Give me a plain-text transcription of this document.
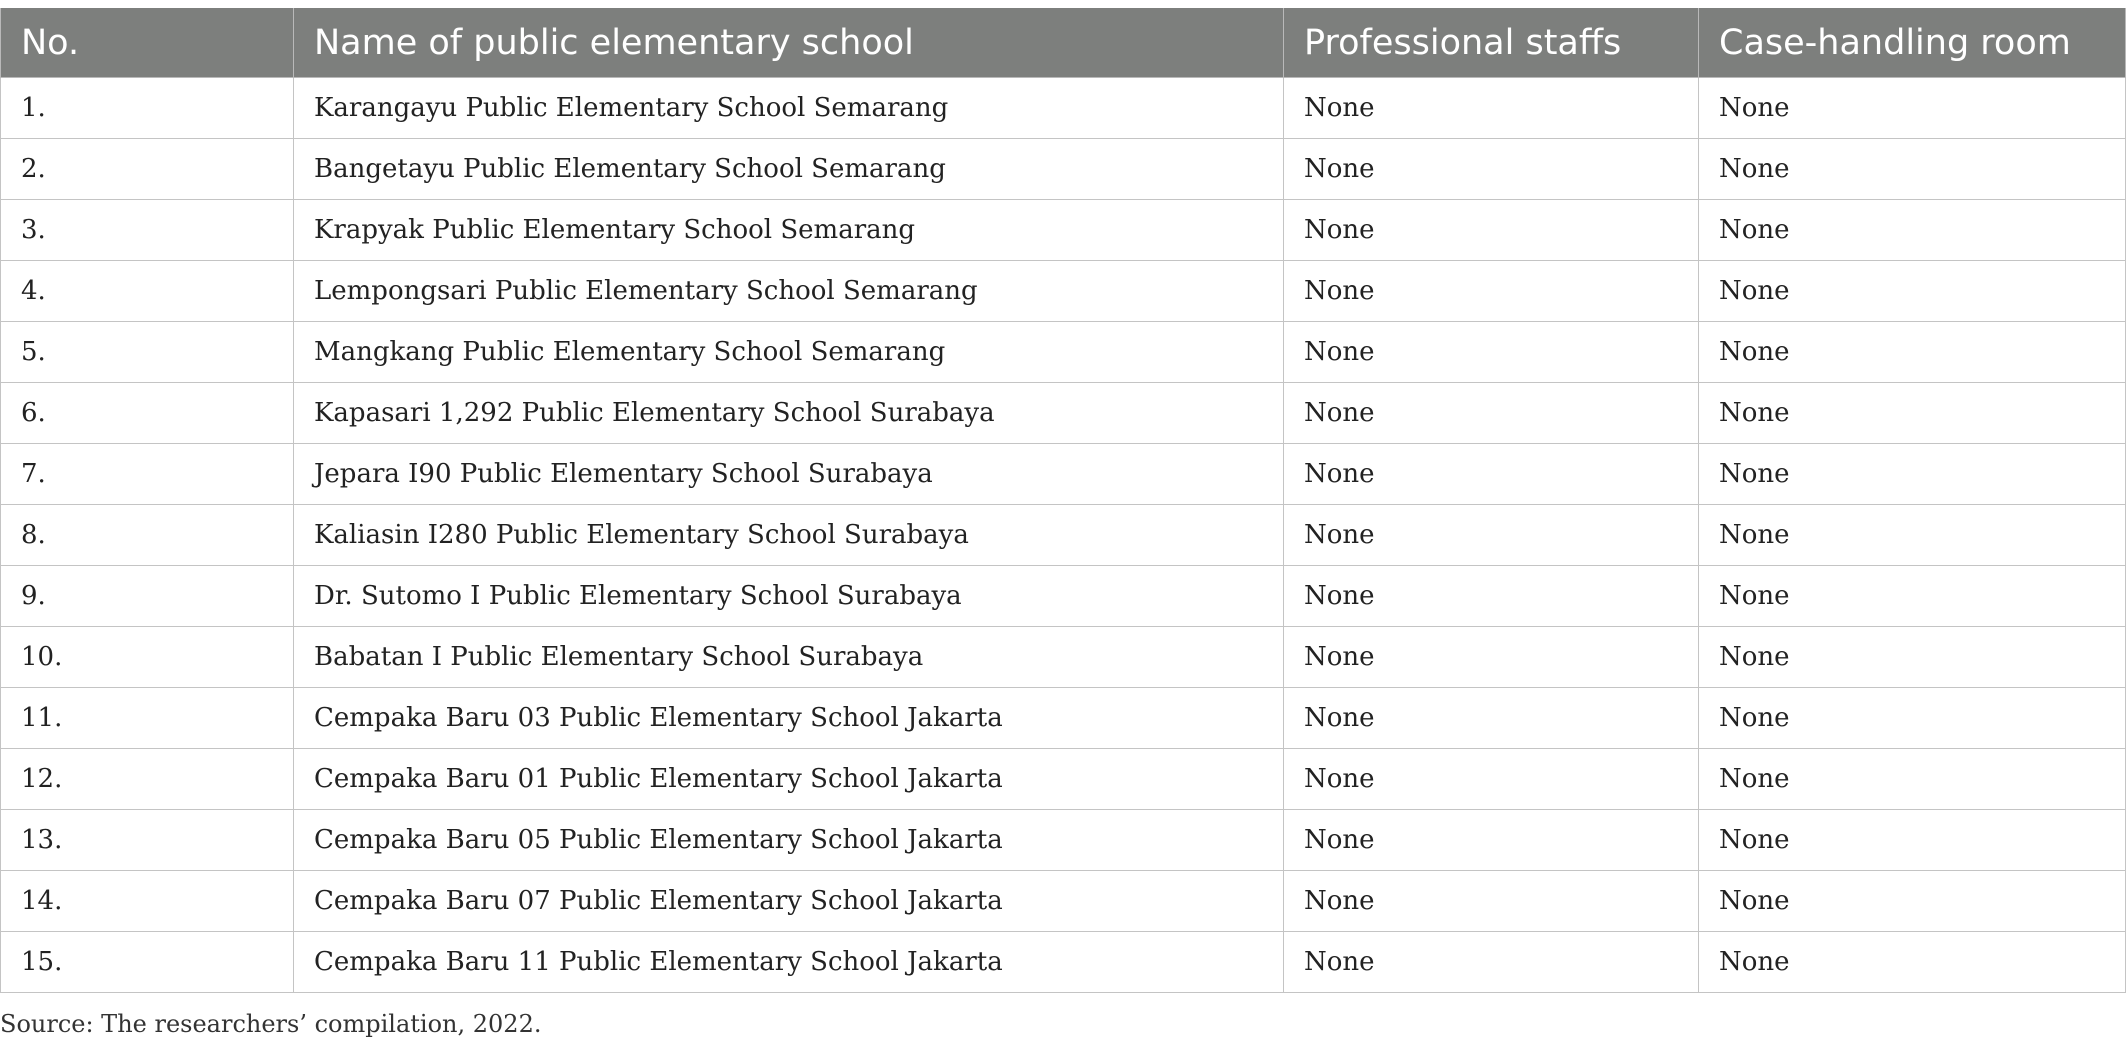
No.	Name of public elementary school	Professional staffs	Case-handling room
1.	Karangayu Public Elementary School Semarang	None	None
2.	Bangetayu Public Elementary School Semarang	None	None
3.	Krapyak Public Elementary School Semarang	None	None
4.	Lempongsari Public Elementary School Semarang	None	None
5.	Mangkang Public Elementary School Semarang	None	None
6.	Kapasari 1,292 Public Elementary School Surabaya	None	None
7.	Jepara I90 Public Elementary School Surabaya	None	None
8.	Kaliasin I280 Public Elementary School Surabaya	None	None
9.	Dr. Sutomo I Public Elementary School Surabaya	None	None
10.	Babatan I Public Elementary School Surabaya	None	None
11.	Cempaka Baru 03 Public Elementary School Jakarta	None	None
12.	Cempaka Baru 01 Public Elementary School Jakarta	None	None
13.	Cempaka Baru 05 Public Elementary School Jakarta	None	None
14.	Cempaka Baru 07 Public Elementary School Jakarta	None	None
15.	Cempaka Baru 11 Public Elementary School Jakarta	None	None
Source: The researchers’ compilation, 2022.
